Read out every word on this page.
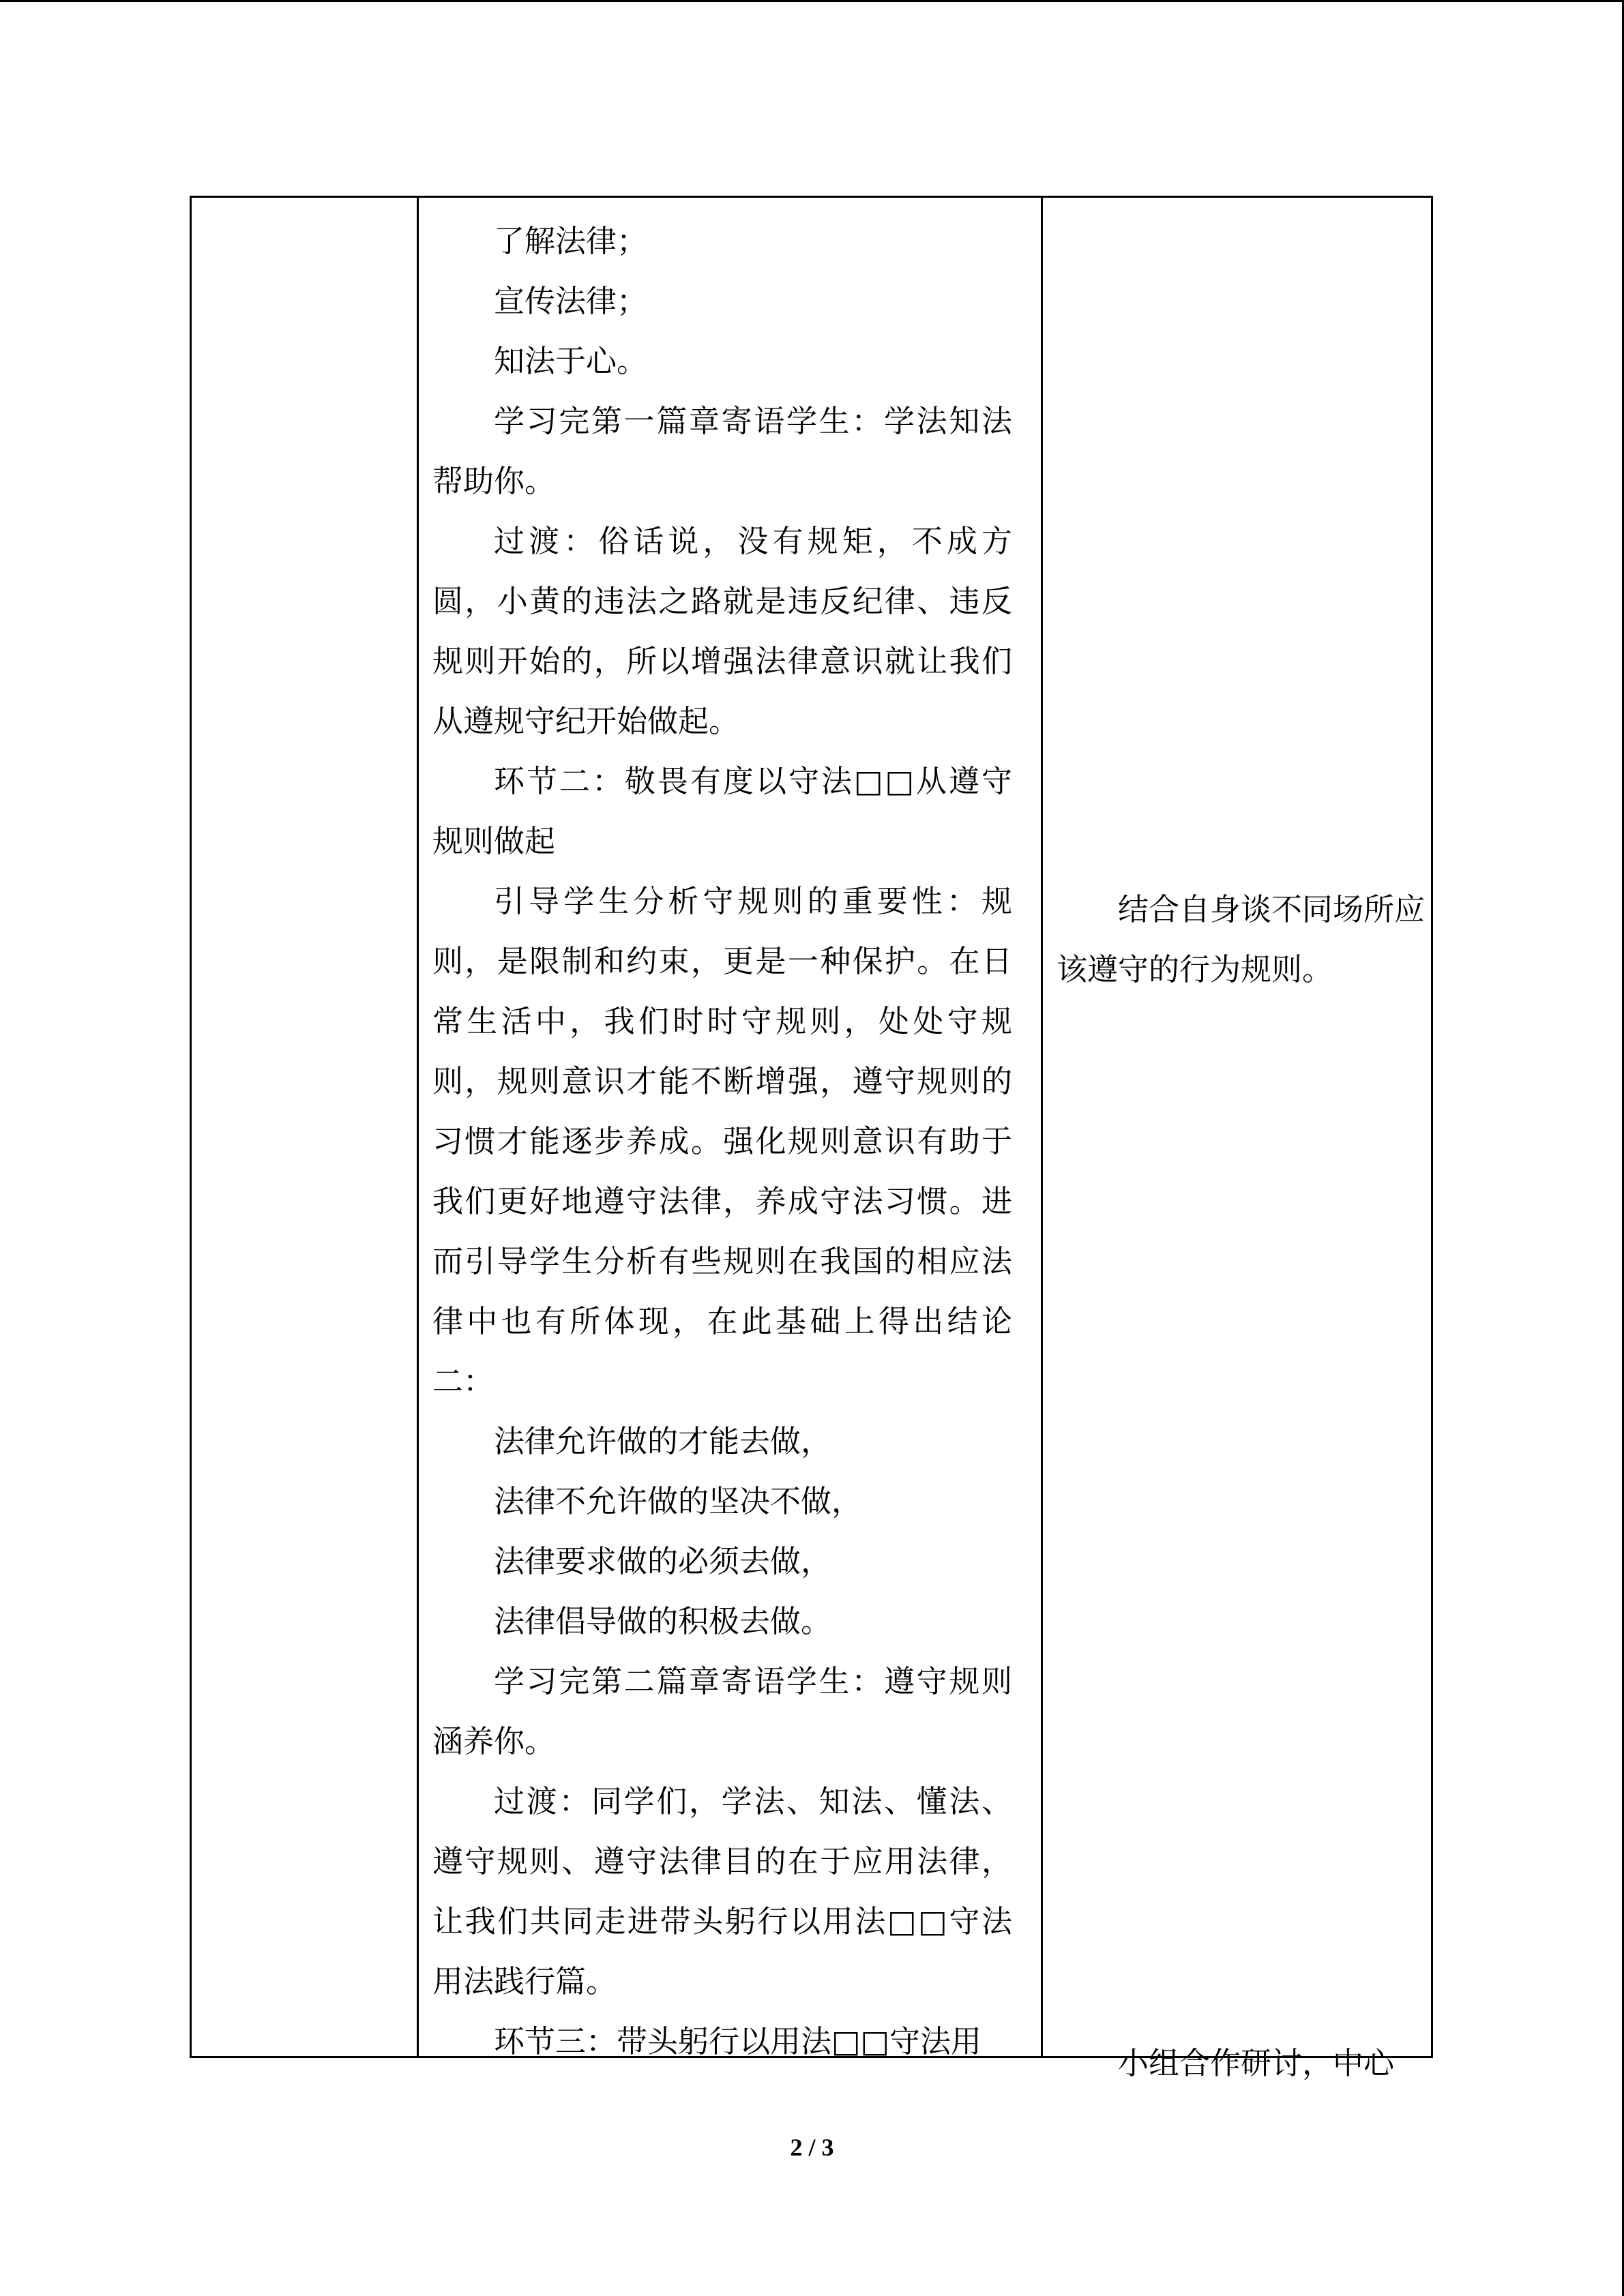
了解法律；

宣传法律；

知法于心。

学习完第一篇章寄语学生：学法知法帮助你。

过渡：俗话说，没有规矩，不成方圆，小黄的违法之路就是违反纪律、违反规则开始的，所以增强法律意识就让我们从遵规守纪开始做起。

环节二：敬畏有度以守法□□从遵守规则做起

引导学生分析守规则的重要性：规则，是限制和约束，更是一种保护。在日常生活中，我们时时守规则，处处守规则，规则意识才能不断增强，遵守规则的习惯才能逐步养成。强化规则意识有助于我们更好地遵守法律，养成守法习惯。进而引导学生分析有些规则在我国的相应法律中也有所体现，在此基础上得出结论二：

法律允许做的才能去做，

法律不允许做的坚决不做，

法律要求做的必须去做，

法律倡导做的积极去做。

学习完第二篇章寄语学生：遵守规则涵养你。

过渡：同学们，学法、知法、懂法、遵守规则、遵守法律目的在于应用法律，让我们共同走进带头躬行以用法□□守法用法践行篇。

环节三：带头躬行以用法□□守法用

结合自身谈不同场所应该遵守的行为规则。

小组合作研讨，中心

2 / 3
